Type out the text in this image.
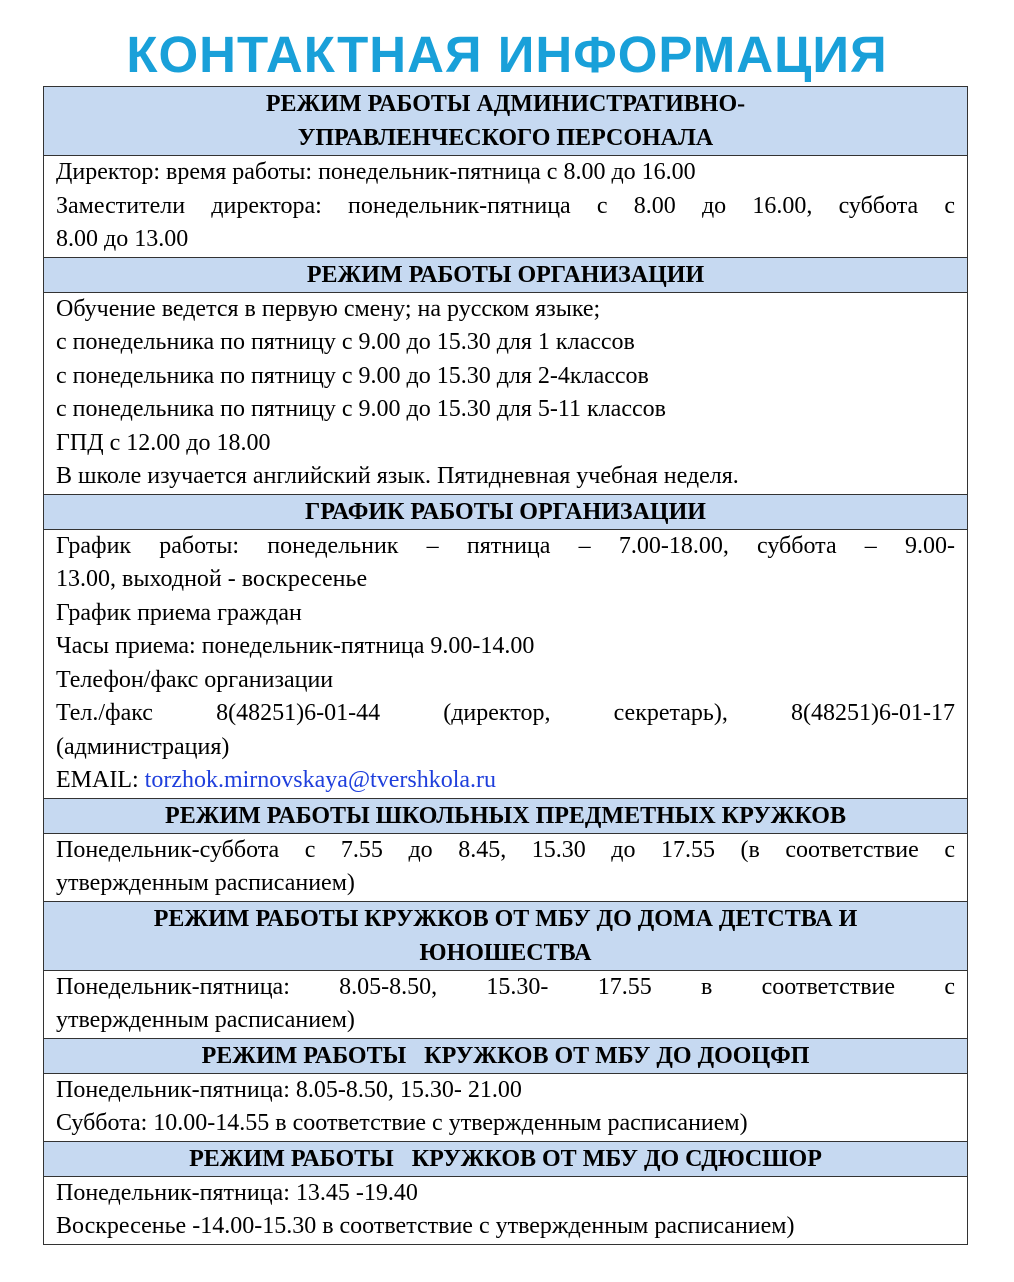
КОНТАКТНАЯ ИНФОРМАЦИЯ
РЕЖИМ РАБОТЫ АДМИНИСТРАТИВНО-
УПРАВЛЕНЧЕСКОГО ПЕРСОНАЛА
Директор: время работы: понедельник-пятница с 8.00 до 16.00
Заместители директора: понедельник-пятница с 8.00 до 16.00, суббота с
8.00 до 13.00
РЕЖИМ РАБОТЫ ОРГАНИЗАЦИИ
Обучение ведется в первую смену; на русском языке;
с понедельника по пятницу с 9.00 до 15.30 для 1 классов
с понедельника по пятницу с 9.00 до 15.30 для 2-4классов
с понедельника по пятницу с 9.00 до 15.30 для 5-11 классов
ГПД с 12.00 до 18.00
В школе изучается английский язык. Пятидневная учебная неделя.
ГРАФИК РАБОТЫ ОРГАНИЗАЦИИ
График работы: понедельник – пятница – 7.00-18.00, суббота – 9.00-
13.00, выходной - воскресенье
График приема граждан
Часы приема: понедельник-пятница 9.00-14.00
Телефон/факс организации
Тел./факс 8(48251)6-01-44 (директор, секретарь), 8(48251)6-01-17
(администрация)
EMAIL: torzhok.mirnovskaya@tvershkola.ru
РЕЖИМ РАБОТЫ ШКОЛЬНЫХ ПРЕДМЕТНЫХ КРУЖКОВ
Понедельник-суббота с 7.55 до 8.45, 15.30 до 17.55 (в соответствие с
утвержденным расписанием)
РЕЖИМ РАБОТЫ КРУЖКОВ ОТ МБУ ДО ДОМА ДЕТСТВА И
ЮНОШЕСТВА
Понедельник-пятница: 8.05-8.50, 15.30- 17.55 в соответствие с
утвержденным расписанием)
РЕЖИМ РАБОТЫ   КРУЖКОВ ОТ МБУ ДО ДООЦФП
Понедельник-пятница: 8.05-8.50, 15.30- 21.00
Суббота: 10.00-14.55 в соответствие с утвержденным расписанием)
РЕЖИМ РАБОТЫ   КРУЖКОВ ОТ МБУ ДО СДЮСШОР
Понедельник-пятница: 13.45 -19.40
Воскресенье -14.00-15.30 в соответствие с утвержденным расписанием)
